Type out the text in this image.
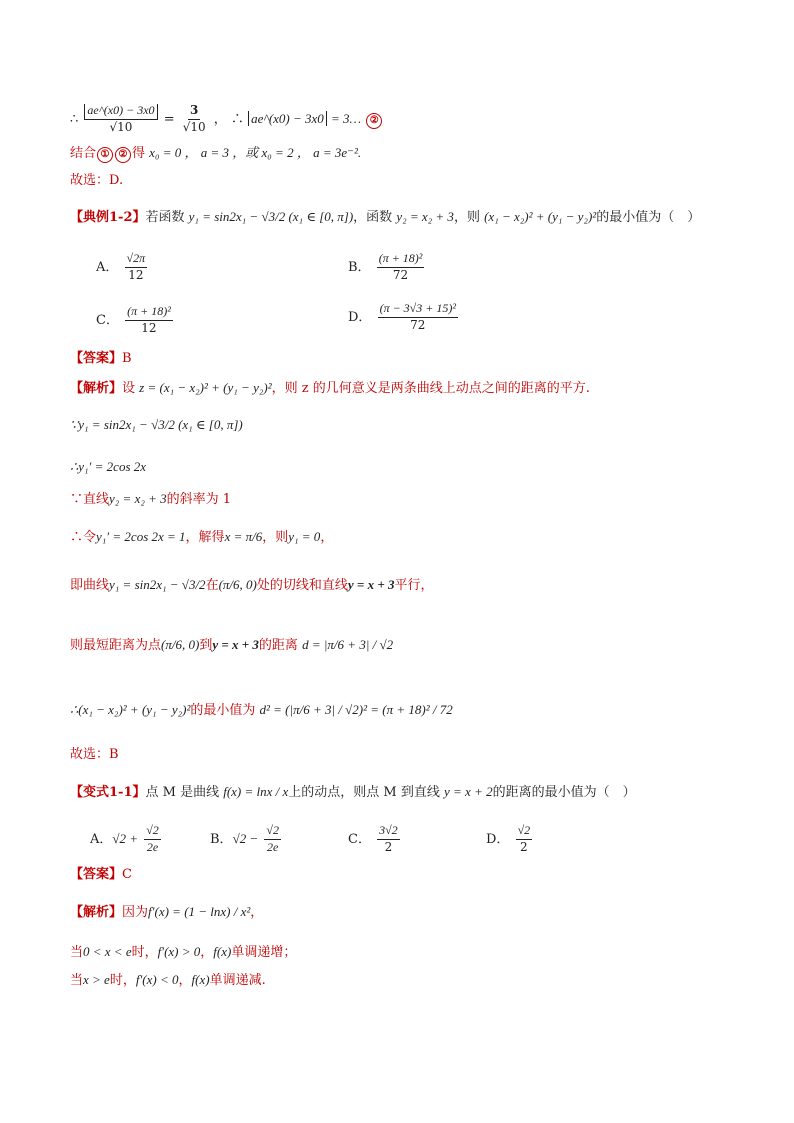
∴ $\frac{ae\^{}(x0) - 3x0}{√10} = \frac{3}{√10}$ ， ∴ ae^(x0) − 3x0 = 3… ②
结合 ① ② 得 x₀ = 0 ， a = 3 ，或 x₀ = 2 ， a = 3e⁻².
故选：D.
【典例1-2】若函数 y₁ = sin2x₁ − √3/2 (x₁ ∈ [0, π])，函数 y₂ = x₂ + 3，则 (x₁ − x₂)² + (y₁ − y₂)²的最小值为（　）
A． $\frac{√2\pi}{12}$	B． $\frac{\text{(π + 18)²}}{72}$
C． $\frac{\text{(π + 18)²}}{12}$	D． $\frac{\text{(π − 3√3 + 15)²}}{72}$
【答案】B
【解析】设 z = (x₁ − x₂)² + (y₁ − y₂)²，则 z 的几何意义是两条曲线上动点之间的距离的平方.
∵y₁ = sin2x₁ − √3/2 (x₁ ∈ [0, π])
∴y₁′ = 2cos 2x
∵直线y₂ = x₂ + 3的斜率为 1
∴令y₁′ = 2cos 2x = 1，解得x = π/6，则y₁ = 0，
即曲线y₁ = sin2x₁ − √3/2在(π/6, 0)处的切线和直线y = x + 3平行，
则最短距离为点(π/6, 0)到y = x + 3的距离 d = |π/6 + 3| / √2
∴(x₁ − x₂)² + (y₁ − y₂)²的最小值为 d² = (|π/6 + 3| / √2)² = (π + 18)² / 72
故选：B
【变式1-1】点 M 是曲线 f(x) = lnx / x上的动点，则点 M 到直线 y = x + 2的距离的最小值为（　）
A．$√2 + \frac{√2}{2e}$	B．$√2 - \frac{√2}{2e}$	C． $\frac{3√2}{2}$	D． $\frac{√2}{2}$
【答案】C
【解析】因为f′(x) = (1 − lnx) / x²，
当0 < x < e时，f′(x) > 0，f(x)单调递增；
当x > e时，f′(x) < 0，f(x)单调递减.
